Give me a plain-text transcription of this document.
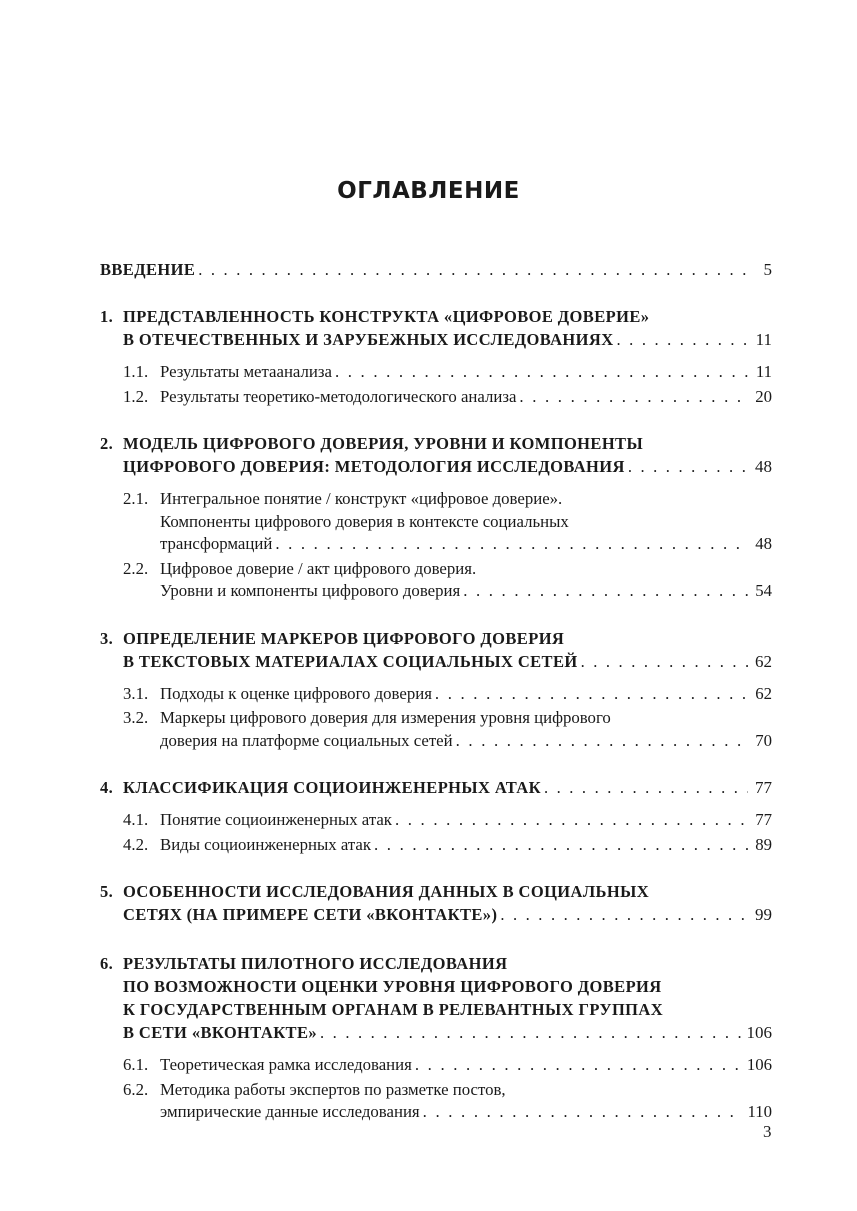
ОГЛАВЛЕНИЕ
ВВЕДЕНИЕ . . .	5
1. ПРЕДСТАВЛЕННОСТЬ КОНСТРУКТА «ЦИФРОВОЕ ДОВЕРИЕ»
В ОТЕЧЕСТВЕННЫХ И ЗАРУБЕЖНЫХ ИССЛЕДОВАНИЯХ . . .	11
1.1. Результаты метаанализа . . .	11
1.2. Результаты теоретико-методологического анализа . . .	20
2. МОДЕЛЬ ЦИФРОВОГО ДОВЕРИЯ, УРОВНИ И КОМПОНЕНТЫ
ЦИФРОВОГО ДОВЕРИЯ: МЕТОДОЛОГИЯ ИССЛЕДОВАНИЯ . . .	48
2.1. Интегральное понятие / конструкт «цифровое доверие».
Компоненты цифрового доверия в контексте социальных
трансформаций . . .	48
2.2. Цифровое доверие / акт цифрового доверия.
Уровни и компоненты цифрового доверия . . .	54
3. ОПРЕДЕЛЕНИЕ МАРКЕРОВ ЦИФРОВОГО ДОВЕРИЯ
В ТЕКСТОВЫХ МАТЕРИАЛАХ СОЦИАЛЬНЫХ СЕТЕЙ . . .	62
3.1. Подходы к оценке цифрового доверия . . .	62
3.2. Маркеры цифрового доверия для измерения уровня цифрового
доверия на платформе социальных сетей . . .	70
4. КЛАССИФИКАЦИЯ СОЦИОИНЖЕНЕРНЫХ АТАК . . .	77
4.1. Понятие социоинженерных атак . . .	77
4.2. Виды социоинженерных атак . . .	89
5. ОСОБЕННОСТИ ИССЛЕДОВАНИЯ ДАННЫХ В СОЦИАЛЬНЫХ
СЕТЯХ (НА ПРИМЕРЕ СЕТИ «ВКОНТАКТЕ») . . .	99
6. РЕЗУЛЬТАТЫ ПИЛОТНОГО ИССЛЕДОВАНИЯ
ПО ВОЗМОЖНОСТИ ОЦЕНКИ УРОВНЯ ЦИФРОВОГО ДОВЕРИЯ
К ГОСУДАРСТВЕННЫМ ОРГАНАМ В РЕЛЕВАНТНЫХ ГРУППАХ
В СЕТИ «ВКОНТАКТЕ» . . .	106
6.1. Теоретическая рамка исследования . . .	106
6.2. Методика работы экспертов по разметке постов,
эмпирические данные исследования . . .	110
3
